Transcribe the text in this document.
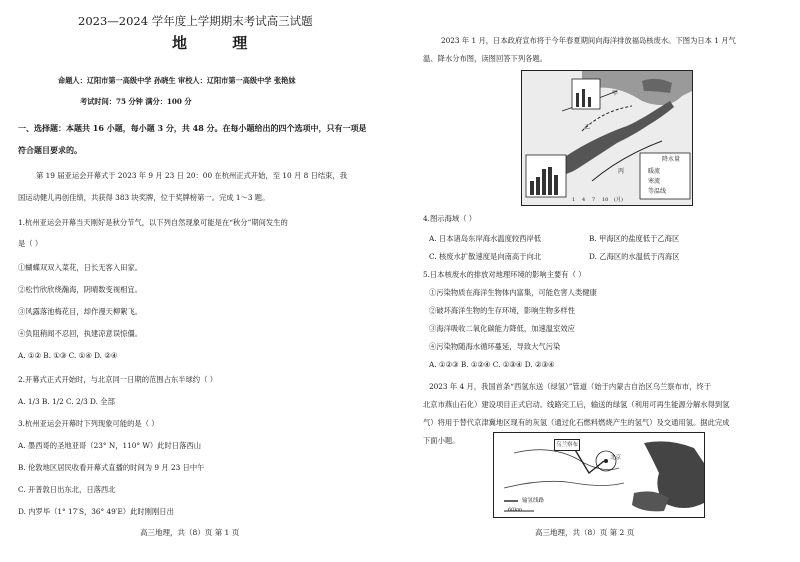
2023—2024 学年度上学期期末考试高三试题
地 理
命题人：辽阳市第一高级中学 孙晓生 审校人：辽阳市第一高级中学 张艳妹
考试时间：75 分钟 满分：100 分
一、选择题：本题共 16 小题，每小题 3 分，共 48 分。在每小题给出的四个选项中，只有一项是
符合题目要求的。
第 19 届亚运会开幕式于 2023 年 9 月 23 日 20：00 在杭州正式开始，至 10 月 8 日结束，我
国运动健儿再创佳绩，共获得 383 块奖牌，位于奖牌榜第一。完成 1～3 题。
1.杭州亚运会开幕当天刚好是秋分节气，以下列自然现象可能是在“秋分”期间发生的
是（ ）
①蝴蝶双双入菜花，日长无客入田家。
②松竹欣欣绕瀚海，阴晴数变视相宜。
③风露落池梅花目，却作漫天柳絮飞。
④负阻稍闻不忍回，执建凉意误惊僵。
A. ①② B. ①③ C. ①④ D. ②④
2.开幕式正式开始时，与北京同一日期的范围占东半球约（ ）
A. 1/3 B. 1/2 C. 2/3 D. 全部
3.杭州亚运会开幕时下列现象可能的是（ ）
A. 墨西哥的圣地亚哥（23° N，110° W）此时日落西山
B. 伦敦地区居民收看开幕式直播的时间为 9 月 23 日中午
C. 开普敦日出东北，日落西北
D. 内罗毕（1° 17′S，36° 49′E）此时刚刚日出
高三地理，共（8）页 第 1 页
2023 年 1 月，日本政府宣布将于今年春夏期间向海洋排放福岛核废水。下图为日本 1 月气
温、降水分布图，读图回答下列各题。
甲
乙
丙
降水量
暖流
寒流
等温线
1 4 7 10 (月)
4.图示海域（ ）
A. 日本诸岛东岸海水温度较西岸低	B. 甲海区的盐度低于乙海区
C. 核废水扩散速度是向南高于向北	D. 乙海区的水温低于丙海区
5.日本核废水的排放对地理环境的影响主要有（ ）
①污染物质在海洋生物体内富集，可能危害人类健康
②破坏海洋生物的生存环境，影响生物多样性
③海洋吸收二氧化碳能力降低，加速温室效应
④污染物随海水循环蔓延，导致大气污染
A. ①②③ B. ①②④ C. ①③④ D. ②③④
2023 年 4 月，我国首条“西氢东送（绿氢）”管道（始于内蒙古自治区乌兰察布市，终于
北京市燕山石化）建设项目正式启动。线路完工后，输送的绿氢（利用可再生能源分解水得到氢
气）将用于替代京津冀地区现有的灰氢（通过化石燃料燃烧产生的氢气）及交通用氢。据此完成
下面小题。	乌兰察布
北京
输氢线路
60km
高三地理，共（8）页 第 2 页
